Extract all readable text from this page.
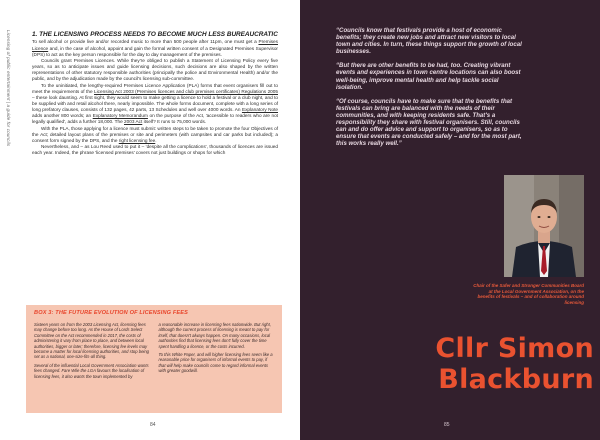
Licensing of public entertainment | a guide for councils	1. THE LICENSING PROCESS NEEDS TO BECOME MUCH LESS BUREAUCRATIC

To sell alcohol or provide live and/or recorded music to more than 500 people after 11pm, one must get a Premises Licence and, in the case of alcohol, appoint and gain the formal written consent of a Designated Premises Supervisor (DPS) to act as the key person responsible for the day to day management of the premises.

Councils grant Premises Licences. While they're obliged to publish a Statement of Licensing Policy every five years, so as to anticipate issues and guide licensing decisions, such decisions are also shaped by the written representations of other statutory responsible authorities (principally the police and Environmental Health) and/or the public, and by the adjudication made by the council's licensing sub-committee.

To the uninitiated, the lengthy-required Premises Licence Application (PLA) forms that event organisers fill out to meet the requirements of the Licensing Act 2003 (Premises licences and club premises certificates) Regulations 2005 – these look daunting. At first sight, they would seem to make getting a licence to hold a festival or a club night, and to be supplied with and retail alcohol there, nearly impossible. The whole forms document, complete with a long series of long prefatory clauses, consists of 132 pages, 42 parts, 13 Schedules and well over 4000 words. An Explanatory Note adds another 800 words; an Explanatory Memorandum on the purpose of the Act, 'accessible to readers who are not legally qualified', adds a further 18,000. The 2003 Act itself? It runs to 75,000 words.

With the PLA, those applying for a licence must submit: written steps to be taken to promote the four Objectives of the Act; detailed layout plans of the premises or site and perimeters (with campsites and car parks but included); a consent form signed by the DPS, and the right licensing fee.

Nevertheless, and – as Lou Reed used to put it – 'despite all the complications', thousands of licences are issued each year. Indeed, the phrase 'licensed premises' covers not just buildings or shops for which

BOX 3: THE FUTURE EVOLUTION OF LICENSING FEES

Sixteen years on from the 2003 Licensing Act, licensing fees may change before too long. As the House of Lords Select Committee on the Act recommended in 2017, the costs of administering it vary from place to place, and between local authorities, bigger or later; therefore, licensing fee levels may become a matter for local licensing authorities, and stop being set as a national, one-size-fits-all thing.

Several of the influential Local Government Association wants fees changed. Fare Wile the LGA favours the localisation of licensing fees, it also wants the town implemented by

a reasonable increase in licensing fees nationwide. But right, although the current process of licensing is meant to pay for itself, that doesn't always happen. On many occasions, local authorities find that licensing fees don't fully cover the time spent handling a licence, or the costs incurred.

To this White Paper, and will higher licensing fees seem like a reasonable price for organisers of informal events to pay, if that will help make councils come to regard informal events with greater goodwill.

84

“Councils know that festivals provide a host of economic benefits; they create new jobs and attract new visitors to local town and cities. In turn, these things support the growth of local businesses.

“But there are other benefits to be had, too. Creating vibrant events and experiences in town centre locations can also boost well-being, improve mental health and help tackle social isolation.

“Of course, councils have to make sure that the benefits that festivals can bring are balanced with the needs of their communities, and with keeping residents safe. That's a responsibility they share with festival organisers. Still, councils can and do offer advice and support to organisers, so as to ensure that events are conducted safely – and for the most part, this works really well.”

Chair of the Safer and Stronger Communities Board at the Local Government Association, on the benefits of festivals – and of collaboration around licensing
Cllr Simon
Blackburn
85
